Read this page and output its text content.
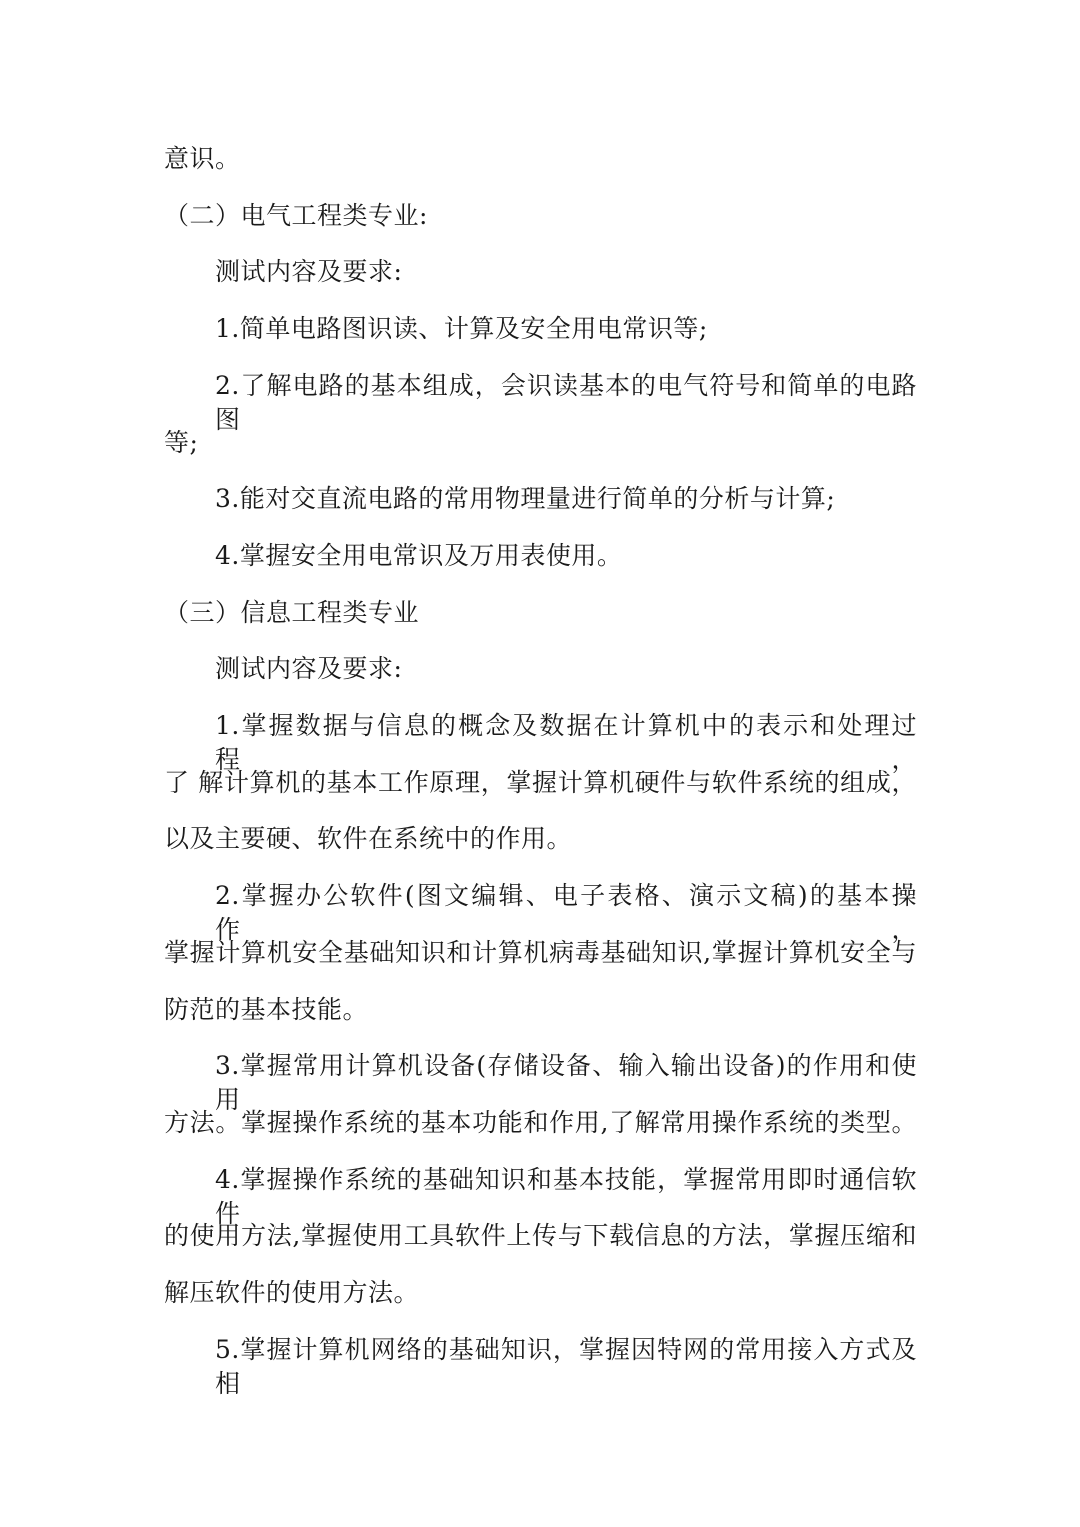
意识。
（二）电气工程类专业:
测试内容及要求:
1.简单电路图识读、计算及安全用电常识等;
2.了解电路的基本组成，会识读基本的电气符号和简单的电路图
等;
3.能对交直流电路的常用物理量进行简单的分析与计算;
4.掌握安全用电常识及万用表使用。
（三）信息工程类专业
测试内容及要求:
1.掌握数据与信息的概念及数据在计算机中的表示和处理过程，
了 解计算机的基本工作原理，掌握计算机硬件与软件系统的组成，
以及主要硬、软件在系统中的作用。
2.掌握办公软件(图文编辑、电子表格、演示文稿)的基本操作，
掌握计算机安全基础知识和计算机病毒基础知识,掌握计算机安全与
防范的基本技能。
3.掌握常用计算机设备(存储设备、输入输出设备)的作用和使用
方法。掌握操作系统的基本功能和作用,了解常用操作系统的类型。
4.掌握操作系统的基础知识和基本技能，掌握常用即时通信软件
的使用方法,掌握使用工具软件上传与下载信息的方法，掌握压缩和
解压软件的使用方法。
5.掌握计算机网络的基础知识，掌握因特网的常用接入方式及相
